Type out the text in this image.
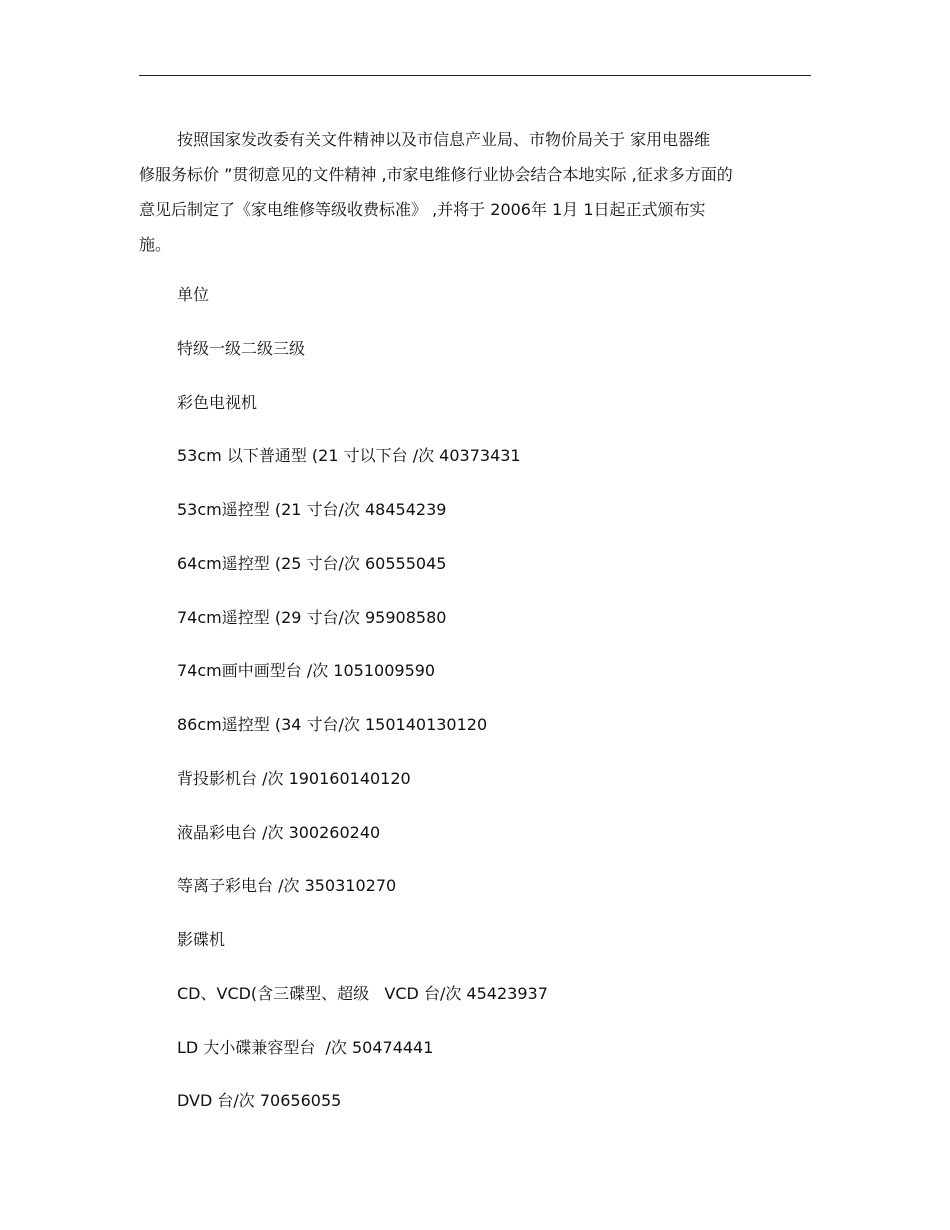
按照国家发改委有关文件精神以及市信息产业局、市物价局关于 家用电器维
修服务标价 ”贯彻意见的文件精神 ,市家电维修行业协会结合本地实际 ,征求多方面的
意见后制定了《家电维修等级收费标准》 ,并将于 2006年 1月 1日起正式颁布实
施。
单位
特级一级二级三级
彩色电视机
53cm 以下普通型 (21 寸以下台 /次 40373431
53cm遥控型 (21 寸台/次 48454239
64cm遥控型 (25 寸台/次 60555045
74cm遥控型 (29 寸台/次 95908580
74cm画中画型台 /次 1051009590
86cm遥控型 (34 寸台/次 150140130120
背投影机台 /次 190160140120
液晶彩电台 /次 300260240
等离子彩电台 /次 350310270
影碟机
CD、VCD(含三碟型、超级   VCD 台/次 45423937
LD 大小碟兼容型台  /次 50474441
DVD 台/次 70656055
